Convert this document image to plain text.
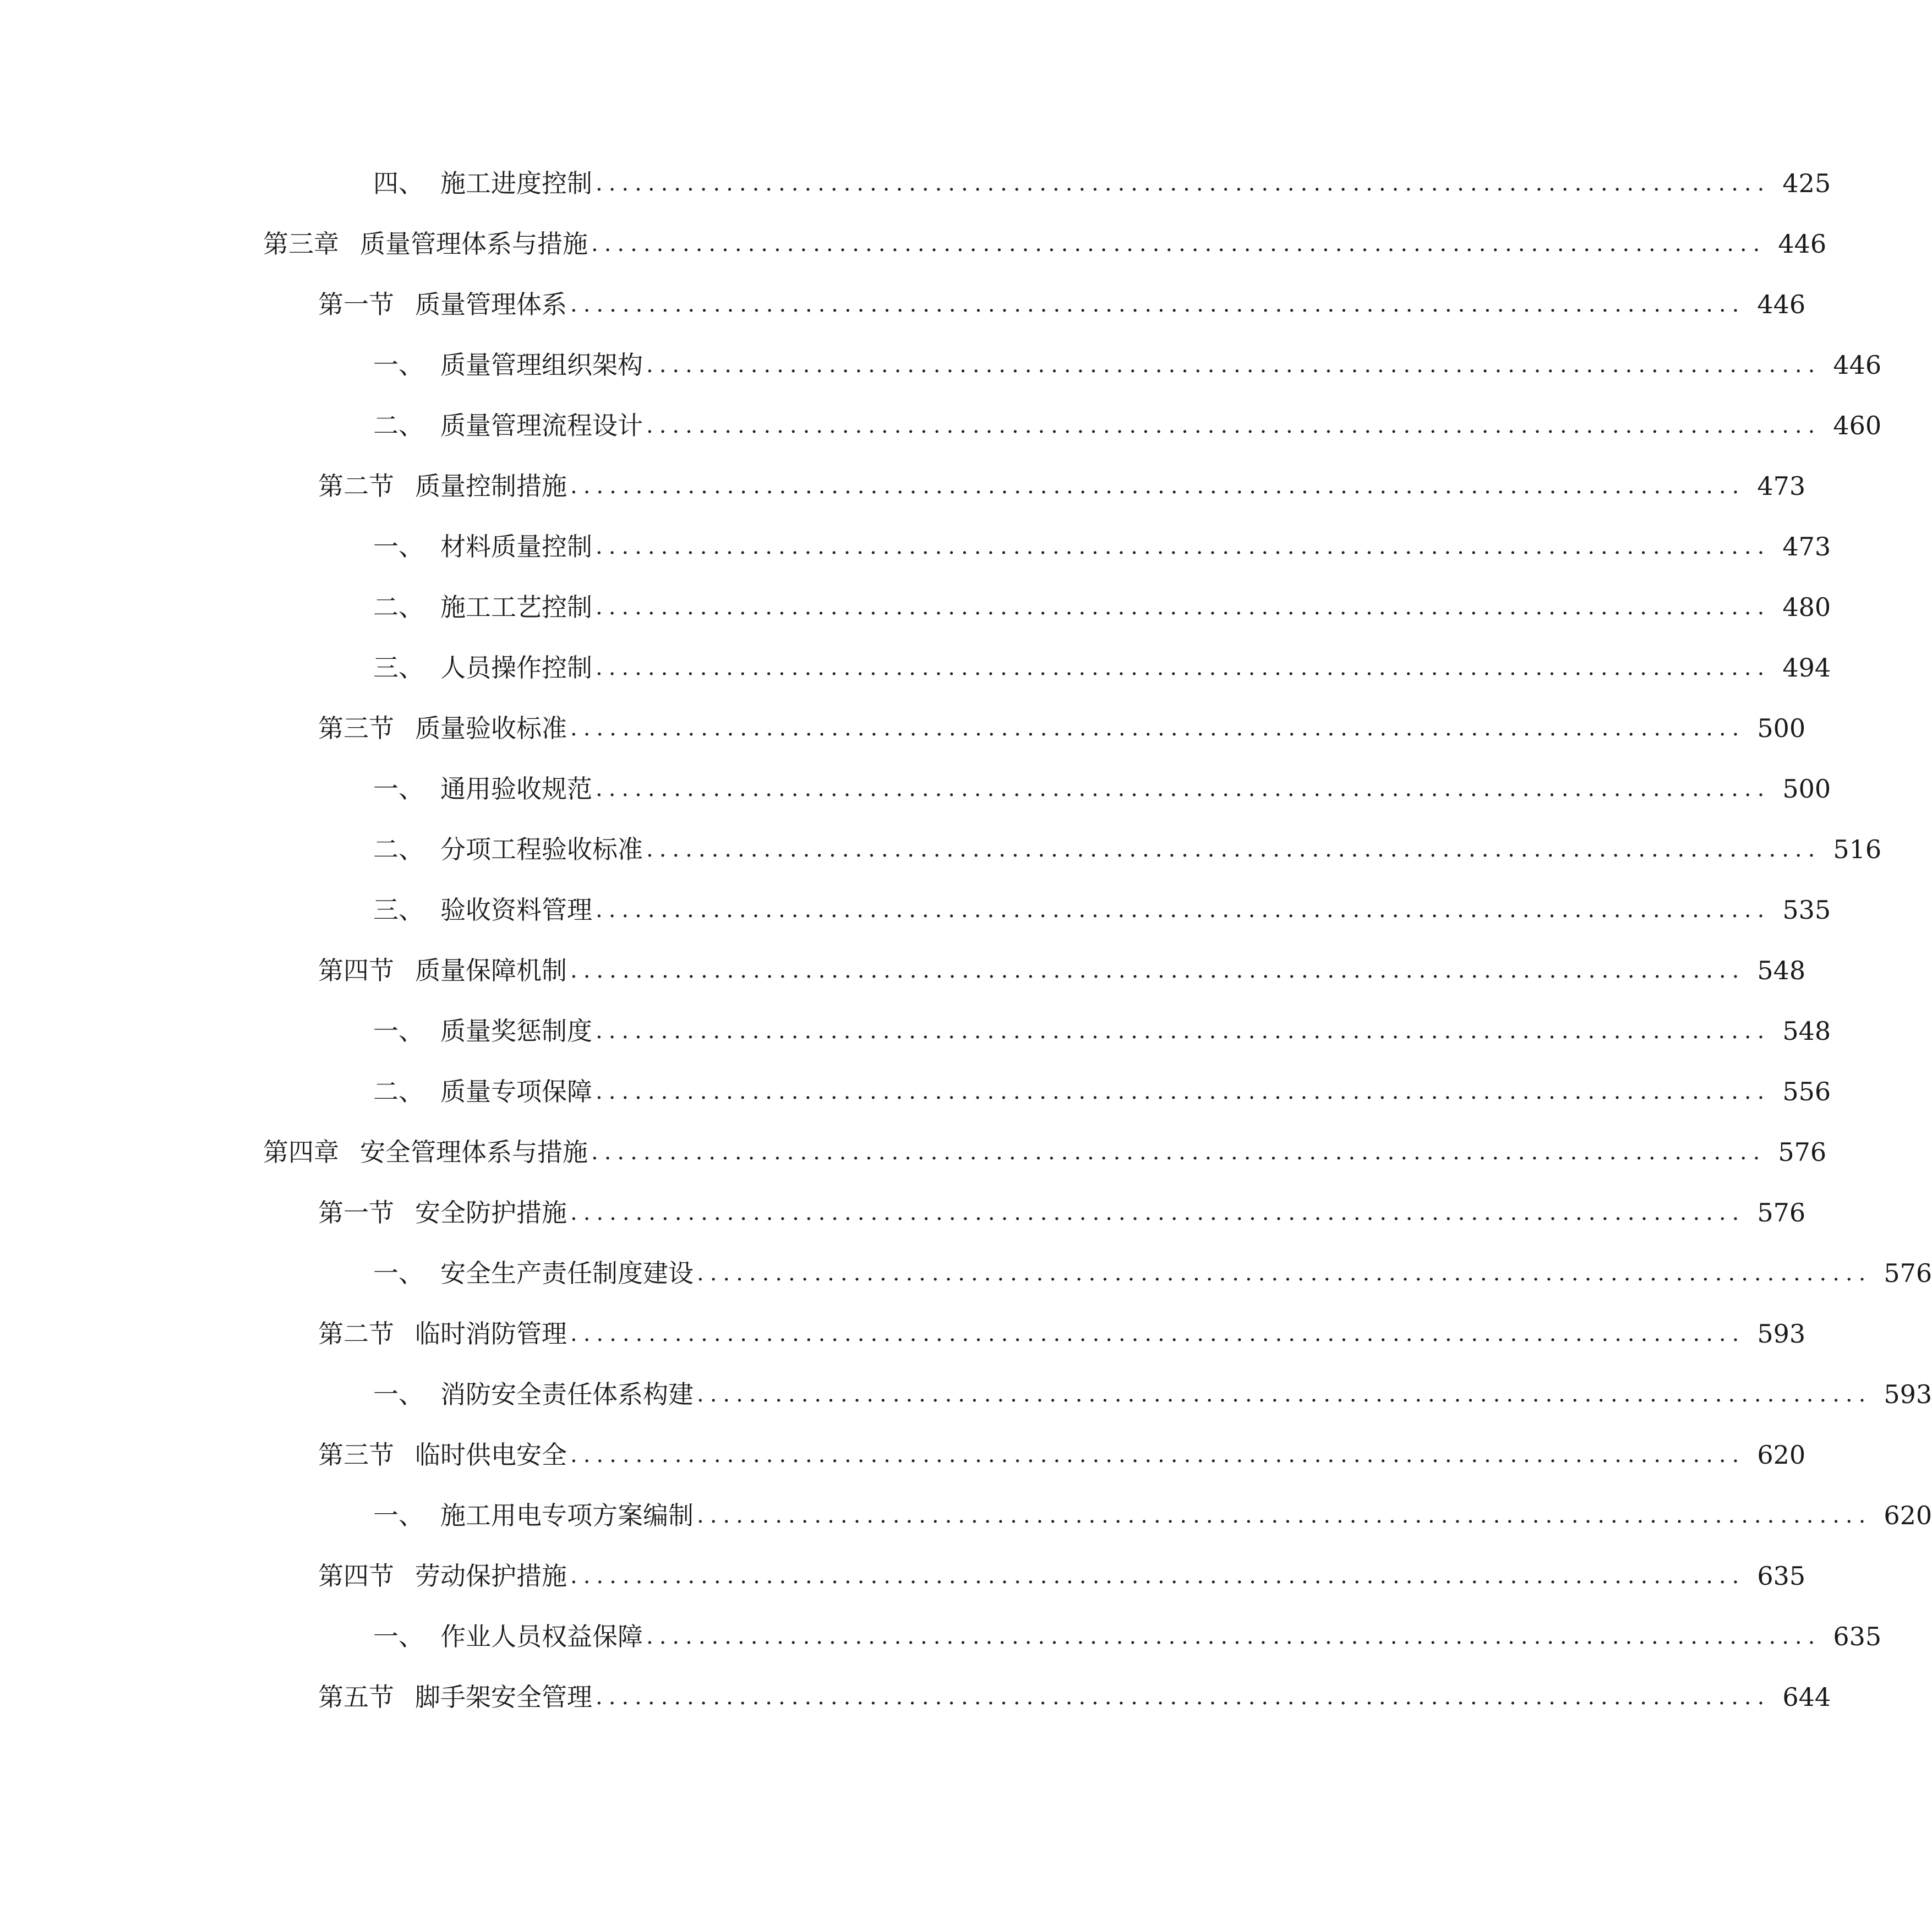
四、 施工进度控制 .......................................................................................... 425
第三章 质量管理体系与措施 .......................................................................................... 446
第一节 质量管理体系 .......................................................................................... 446
一、 质量管理组织架构 .......................................................................................... 446
二、 质量管理流程设计 .......................................................................................... 460
第二节 质量控制措施 .......................................................................................... 473
一、 材料质量控制 .......................................................................................... 473
二、 施工工艺控制 .......................................................................................... 480
三、 人员操作控制 .......................................................................................... 494
第三节 质量验收标准 .......................................................................................... 500
一、 通用验收规范 .......................................................................................... 500
二、 分项工程验收标准 .......................................................................................... 516
三、 验收资料管理 .......................................................................................... 535
第四节 质量保障机制 .......................................................................................... 548
一、 质量奖惩制度 .......................................................................................... 548
二、 质量专项保障 .......................................................................................... 556
第四章 安全管理体系与措施 .......................................................................................... 576
第一节 安全防护措施 .......................................................................................... 576
一、 安全生产责任制度建设 .......................................................................................... 576
第二节 临时消防管理 .......................................................................................... 593
一、 消防安全责任体系构建 .......................................................................................... 593
第三节 临时供电安全 .......................................................................................... 620
一、 施工用电专项方案编制 .......................................................................................... 620
第四节 劳动保护措施 .......................................................................................... 635
一、 作业人员权益保障 .......................................................................................... 635
第五节 脚手架安全管理 .......................................................................................... 644
